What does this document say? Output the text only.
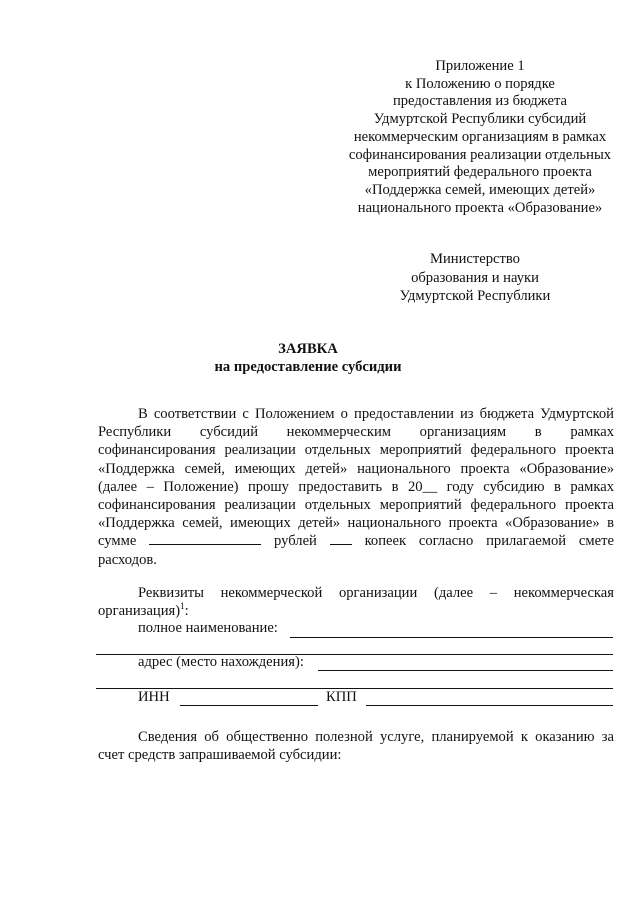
Приложение 1
к Положению о порядке
предоставления из бюджета
Удмуртской Республики субсидий
некоммерческим организациям в рамках
софинансирования реализации отдельных
мероприятий федерального проекта
«Поддержка семей, имеющих детей»
национального проекта «Образование»
Министерство
образования и науки
Удмуртской Республики
ЗАЯВКА
на предоставление субсидии
В соответствии с Положением о предоставлении из бюджета Удмуртской
Республики субсидий некоммерческим организациям в рамках
софинансирования реализации отдельных мероприятий федерального проекта
«Поддержка семей, имеющих детей» национального проекта «Образование»
(далее – Положение) прошу предоставить в 20__ году субсидию в рамках
софинансирования реализации отдельных мероприятий федерального проекта
«Поддержка семей, имеющих детей» национального проекта «Образование» в
сумме	рублей	копеек согласно прилагаемой смете
расходов.
Реквизиты некоммерческой организации (далее – некоммерческая
организация)$^1$:
полное наименование:
адрес (место нахождения):
ИНН	КПП
Сведения об общественно полезной услуге, планируемой к оказанию за
счет средств запрашиваемой субсидии:
